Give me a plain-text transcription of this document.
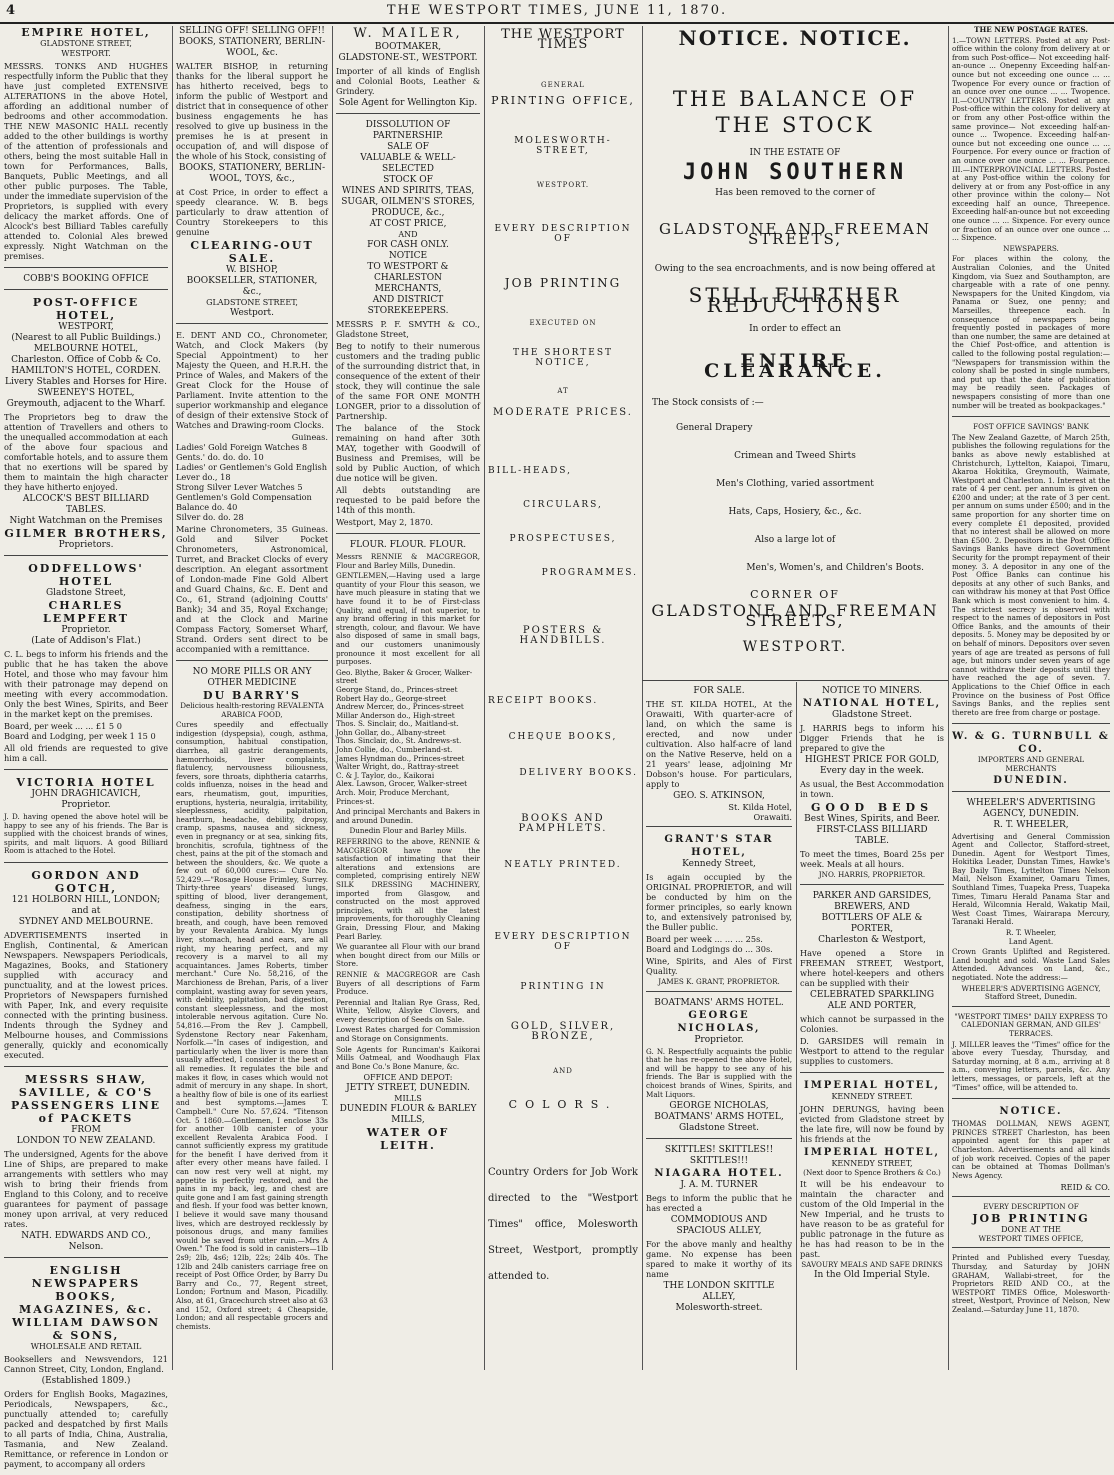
4	THE WESTPORT TIMES, JUNE 11, 1870.
EMPIRE HOTEL,
GLADSTONE STREET,
WESTPORT.
MESSRS. TONKS AND HUGHES respectfully inform the Public that they have just completed EXTENSIVE ALTERATIONS in the above Hotel, affording an additional number of bedrooms and other accommodation. THE NEW MASONIC HALL recently added to the other buildings is worthy of the attention of professionals and others, being the most suitable Hall in town for Performances, Balls, Banquets, Public Meetings, and all other public purposes. The Table, under the immediate supervision of the Proprietors, is supplied with every delicacy the market affords. One of Alcock's best Billiard Tables carefully attended to. Colonial Ales brewed expressly. Night Watchman on the premises.
COBB'S BOOKING OFFICE
POST-OFFICE HOTEL,
WESTPORT,
(Nearest to all Public Buildings.)
MELBOURNE HOTEL,
Charleston. Office of Cobb & Co.
HAMILTON'S HOTEL, CORDEN.
Livery Stables and Horses for Hire.
SWEENEY'S HOTEL,
Greymouth, adjacent to the Wharf.
The Proprietors beg to draw the attention of Travellers and others to the unequalled accommodation at each of the above four spacious and comfortable hotels, and to assure them that no exertions will be spared by them to maintain the high character they have hitherto enjoyed.
ALCOCK'S BEST BILLIARD TABLES.
Night Watchman on the Premises
GILMER BROTHERS,
Proprietors.
ODDFELLOWS' HOTEL
Gladstone Street,
CHARLES LEMPFERT
Proprietor.
(Late of Addison's Flat.)
C. L. begs to inform his friends and the public that he has taken the above Hotel, and those who may favour him with their patronage may depend on meeting with every accommodation. Only the best Wines, Spirits, and Beer in the market kept on the premises.
Board, per week ... ... £1 5 0
Board and Lodging, per week 1 15 0
All old friends are requested to give him a call.
VICTORIA HOTEL
JOHN DRAGHICAVICH,
Proprietor.
J. D. having opened the above hotel will be happy to see any of his friends. The Bar is supplied with the choicest brands of wines, spirits, and malt liquors. A good Billiard Room is attached to the Hotel.
GORDON AND GOTCH,
121 HOLBORN HILL, LONDON;
and at
SYDNEY AND MELBOURNE.
ADVERTISEMENTS inserted in English, Continental, & American Newspapers. Newspapers Periodicals, Magazines, Books, and Stationery supplied with accuracy and punctuality, and at the lowest prices. Proprietors of Newspapers furnished with Paper, Ink, and every requisite connected with the printing business. Indents through the Sydney and Melbourne houses, and Commissions generally, quickly and economically executed.
MESSRS SHAW, SAVILLE, & CO'S PASSENGERS LINE of PACKETS
FROM
LONDON TO NEW ZEALAND.
The undersigned, Agents for the above Line of Ships, are prepared to make arrangements with settlers who may wish to bring their friends from England to this Colony, and to receive guarantees for payment of passage money upon arrival, at very reduced rates.
NATH. EDWARDS AND CO.,
Nelson.
ENGLISH NEWSPAPERS BOOKS, MAGAZINES, &c.
WILLIAM DAWSON & SONS,
WHOLESALE AND RETAIL
Booksellers and Newsvendors, 121 Cannon Street, City, London, England.
(Established 1809.)
Orders for English Books, Magazines, Periodicals, Newspapers, &c., punctually attended to; carefully packed and despatched by first Mails to all parts of India, China, Australia, Tasmania, and New Zealand. Remittance, or reference in London or payment, to accompany all orders
SELLING OFF! SELLING OFF!!
BOOKS, STATIONERY, BERLIN-WOOL, &c.
WALTER BISHOP, in returning thanks for the liberal support he has hitherto received, begs to inform the public of Westport and district that in consequence of other business engagements he has resolved to give up business in the premises he is at present in occupation of, and will dispose of the whole of his Stock, consisting of
BOOKS, STATIONERY, BERLIN-WOOL, TOYS, &c.,
at Cost Price, in order to effect a speedy clearance. W. B. begs particularly to draw attention of Country Storekeepers to this genuine
CLEARING-OUT SALE.
W. BISHOP,
BOOKSELLER, STATIONER, &c.,
GLADSTONE STREET,
Westport.
E. DENT AND CO., Chronometer, Watch, and Clock Makers (by Special Appointment) to her Majesty the Queen, and H.R.H. the Prince of Wales, and Makers of the Great Clock for the House of Parliament. Invite attention to the superior workmanship and elegance of design of their extensive Stock of Watches and Drawing-room Clocks.
Guineas.
Ladies' Gold Foreign Watches 8
Gents.' do. do. do. 10
Ladies' or Gentlemen's Gold English Lever do., 18
Strong Silver Lever Watches 5
Gentlemen's Gold Compensation Balance do. 40
Silver do. do. 28
Marine Chronometers, 35 Guineas. Gold and Silver Pocket Chronometers, Astronomical, Turret, and Bracket Clocks of every description. An elegant assortment of London-made Fine Gold Albert and Guard Chains, &c. E. Dent and Co., 61, Strand (adjoining Coutts' Bank); 34 and 35, Royal Exchange; and at the Clock and Marine Compass Factory, Somerset Wharf, Strand. Orders sent direct to be accompanied with a remittance.
NO MORE PILLS OR ANY OTHER MEDICINE
DU BARRY'S
Delicious health-restoring REVALENTA ARABICA FOOD,
Cures speedily and effectually indigestion (dyspepsia), cough, asthma, consumption, habitual constipation, diarrhea, all gastric derangements, hæmorrhoids, liver complaints, flatulency, nervousness biliousness, fevers, sore throats, diphtheria catarrhs, colds influenza, noises in the head and ears, rheumatism, gout, impurities, eruptions, hysteria, neuralgia, irritability, sleeplessness, acidity, palpitation, heartburn, headache, debility, dropsy, cramp, spasms, nausea and sickness, even in pregnancy or at sea, sinking fits, bronchitis, scrofula, tightness of the chest, pains at the pit of the stomach and between the shoulders, &c. We quote a few out of 60,000 cures:— Cure No. 52,429.—"Rosage House Frimley, Surrey. Thirty-three years' diseased lungs, spitting of blood, liver derangement, deafness, singing in the ears, constipation, debility shortness of breath, and cough, have been removed by your Revalenta Arabica. My lungs liver, stomach, head and ears, are all right, my hearing perfect, and my recovery is a marvel to all my acquaintances. James Roberts, timber merchant." Cure No. 58,216, of the Marchioness de Brehan, Paris, of a liver complaint, wasting away for seven years, with debility, palpitation, bad digestion, constant sleeplessness, and the most intolerable nervous agitation. Cure No. 54,816.—From the Rev J. Campbell, Sydenstone Rectory near Fakenham, Norfolk.—"In cases of indigestion, and particularly when the liver is more than usually affected, I consider it the best of all remedies. It regulates the bile and makes it flow, in cases which would not admit of mercury in any shape. In short, a healthy flow of bile is one of its earliest and best symptoms.—James T. Campbell." Cure No. 57,624. "Titenson Oct. 5 1860.—Gentlemen, I enclose 33s for another 10lb canister of your excellent Revalenta Arabica Food. I cannot sufficiently express my gratitude for the benefit I have derived from it after every other means have failed. I can now rest very well at night, my appetite is perfectly restored, and the pains in my back, leg, and chest are quite gone and I am fast gaining strength and flesh. If your food was better known, I believe it would save many thousand lives, which are destroyed recklessly by poisonous drugs, and many families would be saved from utter ruin.—Mrs A Owen." The food is sold in canisters—1lb 2s9; 2lb, 4s6; 12lb, 22s; 24lb 40s. The 12lb and 24lb canisters carriage free on receipt of Post Office Order, by Barry Du Barry and Co., 77, Regent street, London; Fortnum and Mason, Picadilly. Also, at 61, Gracechurch street also at 63 and 152, Oxford street; 4 Cheapside, London; and all respectable grocers and chemists.
W. MAILER,
BOOTMAKER,
GLADSTONE-ST., WESTPORT.
Importer of all kinds of English and Colonial Boots, Leather & Grindery.
Sole Agent for Wellington Kip.
DISSOLUTION OF PARTNERSHIP.
SALE OF
VALUABLE & WELL-SELECTED
STOCK OF
WINES AND SPIRITS, TEAS,
SUGAR, OILMEN'S STORES,
PRODUCE, &c.,
AT COST PRICE,
AND
FOR CASH ONLY.
NOTICE
TO WESTPORT & CHARLESTON
MERCHANTS,
AND DISTRICT STOREKEEPERS.
MESSRS P. F. SMYTH & CO., Gladstone Street,
Beg to notify to their numerous customers and the trading public of the surrounding district that, in consequence of the extent of their stock, they will continue the sale of the same FOR ONE MONTH LONGER, prior to a dissolution of Partnership.
The balance of the Stock remaining on hand after 30th MAY, together with Goodwill of Business and Premises, will be sold by Public Auction, of which due notice will be given.
All debts outstanding are requested to be paid before the 14th of this month.
Westport, May 2, 1870.
FLOUR. FLOUR. FLOUR.
Messrs RENNIE & MACGREGOR, Flour and Barley Mills, Dunedin.
GENTLEMEN,—Having used a large quantity of your Flour this season, we have much pleasure in stating that we have found it to be of First-class Quality, and equal, if not superior, to any brand offering in this market for strength, colour, and flavour. We have also disposed of same in small bags, and our customers unanimously pronounce it most excellent for all purposes.
Geo. Blythe, Baker & Grocer, Walker-street
George Stand, do., Princes-street
Robert Hay do., George-street
Andrew Mercer, do., Princes-street
Millar Anderson do., High-street
Thos. S. Sinclair, do., Maitland-st.
John Gollar, do., Albany-street
Thos. Sinclair, do., St. Andrews-st.
John Collie, do., Cumberland-st.
James Hyndman do., Princes-street
Walter Wright, do., Rattray-street
C. & J. Taylor, do., Kaikorai
Alex. Lawson, Grocer, Walker-street
Arch. Moir, Produce Merchant, Princes-st.
And principal Merchants and Bakers in and around Dunedin.
Dunedin Flour and Barley Mills.
REFERRING to the above, RENNIE & MACGREGOR have now the satisfaction of intimating that their alterations and extensions are completed, comprising entirely NEW SILK DRESSING MACHINERY, imported from Glasgow, and constructed on the most approved principles, with all the latest improvements, for thoroughly Cleaning Grain, Dressing Flour, and Making Pearl Barley.
We guarantee all Flour with our brand when bought direct from our Mills or Store.
RENNIE & MACGREGOR are Cash Buyers of all descriptions of Farm Produce.
Perennial and Italian Rye Grass, Red, White, Yellow, Alsyke Clovers, and every description of Seeds on Sale.
Lowest Rates charged for Commission and Storage on Consignments.
Sole Agents for Runciman's Kaikorai Mills Oatmeal, and Woodhaugh Flax and Bone Co.'s Bone Manure, &c.
OFFICE AND DEPOT:
JETTY STREET, DUNEDIN.
MILLS
DUNEDIN FLOUR & BARLEY MILLS,
WATER OF LEITH.
THE WESTPORT TIMES
GENERAL
PRINTING OFFICE,
MOLESWORTH-STREET,
WESTPORT.
EVERY DESCRIPTION OF
JOB PRINTING
EXECUTED ON
THE SHORTEST NOTICE,
AT
MODERATE PRICES.
BILL-HEADS,
CIRCULARS,
PROSPECTUSES,
PROGRAMMES.
POSTERS & HANDBILLS.
RECEIPT BOOKS.
CHEQUE BOOKS,
DELIVERY BOOKS.
BOOKS AND PAMPHLETS.
NEATLY PRINTED.
EVERY DESCRIPTION OF
PRINTING IN
GOLD, SILVER, BRONZE,
AND
COLORS.
Country Orders for Job Work directed to the "Westport Times" office, Molesworth Street, Westport, promptly attended to.
NOTICE. NOTICE.
THE BALANCE OF THE STOCK
IN THE ESTATE OF
JOHN SOUTHERN
Has been removed to the corner of
GLADSTONE AND FREEMAN STREETS,
Owing to the sea encroachments, and is now being offered at
STILL FURTHER REDUCTIONS
In order to effect an
ENTIRE CLEARANCE.
The Stock consists of :—
General Drapery
Crimean and Tweed Shirts
Men's Clothing, varied assortment
Hats, Caps, Hosiery, &c., &c.
Also a large lot of
Men's, Women's, and Children's Boots.
CORNER OF
GLADSTONE AND FREEMAN STREETS,
WESTPORT.
FOR SALE.
THE ST. KILDA HOTEL, At the Orawaiti, With quarter-acre of land, on which the same is erected, and now under cultivation. Also half-acre of land on the Native Reserve, held on a 21 years' lease, adjoining Mr Dobson's house. For particulars, apply to
GEO. S. ATKINSON,
St. Kilda Hotel,
Orawaiti.
GRANT'S STAR HOTEL,
Kennedy Street,
Is again occupied by the ORIGINAL PROPRIETOR, and will be conducted by him on the former principles, so early known to, and extensively patronised by, the Buller public.
Board per week ... ... ... 25s.
Board and Lodgings do ... 30s.
Wine, Spirits, and Ales of First Quality.
JAMES K. GRANT, PROPRIETOR.
BOATMANS' ARMS HOTEL.
GEORGE NICHOLAS,
Proprietor.
G. N. Respectfully acquaints the public that he has re-opened the above Hotel, and will be happy to see any of his friends. The Bar is supplied with the choicest brands of Wines, Spirits, and Malt Liquors.
GEORGE NICHOLAS,
BOATMANS' ARMS HOTEL,
Gladstone Street.
SKITTLES! SKITTLES!! SKITTLES!!!
NIAGARA HOTEL.
J. A. M. TURNER
Begs to inform the public that he has erected a
COMMODIOUS AND SPACIOUS ALLEY,
For the above manly and healthy game. No expense has been spared to make it worthy of its name
THE LONDON SKITTLE ALLEY,
Molesworth-street.
NOTICE TO MINERS.
NATIONAL HOTEL,
Gladstone Street.
J. HARRIS begs to inform his Digger Friends that he is prepared to give the
HIGHEST PRICE FOR GOLD,
Every day in the week.
As usual, the Best Accommodation in town.
GOOD BEDS
Best Wines, Spirits, and Beer.
FIRST-CLASS BILLIARD TABLE.
To meet the times, Board 25s per week. Meals at all hours.
JNO. HARRIS, PROPRIETOR.
PARKER AND GARSIDES,
BREWERS, AND
BOTTLERS OF ALE & PORTER,
Charleston & Westport,
Have opened a Store in FREEMAN STREET, Westport, where hotel-keepers and others can be supplied with their
CELEBRATED SPARKLING ALE AND PORTER,
which cannot be surpassed in the Colonies.
D. GARSIDES will remain in Westport to attend to the regular supplies to customers.
IMPERIAL HOTEL,
KENNEDY STREET.
JOHN DERUNGS, having been evicted from Gladstone street by the late fire, will now be found by his friends at the
IMPERIAL HOTEL,
KENNEDY STREET,
(Next door to Spence Brothers & Co.)
It will be his endeavour to maintain the character and custom of the Old Imperial in the New Imperial, and he trusts to have reason to be as grateful for public patronage in the future as he has had reason to be in the past.
SAVOURY MEALS AND SAFE DRINKS
In the Old Imperial Style.
THE NEW POSTAGE RATES.
1.—TOWN LETTERS. Posted at any Post-office within the colony from delivery at or from such Post-office— Not exceeding half-an-ounce ... Onepenny Exceeding half-an-ounce but not exceeding one ounce ... ... Twopence For every ounce or fraction of an ounce over one ounce ... ... Twopence. II.—COUNTRY LETTERS. Posted at any Post-office within the colony for delivery at or from any other Post-office within the same province— Not exceeding half-an-ounce ... Twopence. Exceeding half-an-ounce but not exceeding one ounce ... ... Fourpence. For every ounce or fraction of an ounce over one ounce ... ... Fourpence. III.—INTERPROVINCIAL LETTERS. Posted at any Post-office within the colony for delivery at or from any Post-office in any other province within the colony— Not exceeding half an ounce, Threepence. Exceeding half-an-ounce but not exceeding one ounce ... ... Sixpence. For every ounce or fraction of an ounce over one ounce ... ... Sixpence.
NEWSPAPERS.
For places within the colony, the Australian Colonies, and the United Kingdom, via Suez and Southampton, are chargeable with a rate of one penny. Newspapers for the United Kingdom, via Panama or Suez, one penny; and Marseilles, threepence each. In consequence of newspapers being frequently posted in packages of more than one number, the same are detained at the Chief Post-office, and attention is called to the following postal regulation:— "Newspapers for transmission within the colony shall be posted in single numbers, and put up that the date of publication may be readily seen. Packages of newspapers consisting of more than one number will be treated as bookpackages."
FOST OFFICE SAVINGS' BANK
The New Zealand Gazette, of March 25th, publishes the following regulations for the banks as above newly established at Christchurch, Lyttelton, Kaiapoi, Timaru, Akaroa Hokitika, Greymouth, Waimate, Westport and Charleston. 1. Interest at the rate of 4 per cent. per annum is given on £200 and under; at the rate of 3 per cent. per annum on sums under £500; and in the same proportion for any shorter time on every complete £1 deposited, provided that no interest shall be allowed on more than £500. 2. Depositors in the Post Office Savings Banks have direct Government Security for the prompt repayment of their money. 3. A depositor in any one of the Post Office Banks can continue his deposits at any other of such Banks, and can withdraw his money at that Post Office Bank which is most convenient to him. 4. The strictest secrecy is observed with respect to the names of depositors in Post Office Banks, and the amounts of their deposits. 5. Money may be deposited by or on behalf of minors. Depositors over seven years of age are treated as persons of full age, but minors under seven years of age cannot withdraw their deposits until they have reached the age of seven. 7. Applications to the Chief Office in each Province on the business of Post Office Savings Banks, and the replies sent thereto are free from charge or postage.
W. & G. TURNBULL & CO.
IMPORTERS AND GENERAL MERCHANTS
DUNEDIN.
WHEELER'S ADVERTISING AGENCY, DUNEDIN.
R. T. WHEELER,
Advertising and General Commission Agent and Collector, Stafford-street, Dunedin. Agent for Westport Times, Hokitika Leader, Dunstan Times, Hawke's Bay Daily Times, Lyttelton Times Nelson Mail, Nelson Examiner, Oamaru Times, Southland Times, Tuapeka Press, Tuapeka Times, Timaru Herald Panama Star and Herald, Wilcomnia Herald, Wakatip Mail, West Coast Times, Wairarapa Mercury, Taranaki Herald.
R. T. Wheeler,
Land Agent.
Crown Grants Uplifted and Registered. Land bought and sold. Waste Land Sales Attended. Advances on Land, &c., negotiated. Note the address:—
WHEELER'S ADVERTISING AGENCY,
Stafford Street, Dunedin.
"WESTPORT TIMES" DAILY EXPRESS TO CALEDONIAN GERMAN, AND GILES' TERRACES.
J. MILLER leaves the "Times" office for the above every Tuesday, Thursday, and Saturday morning, at 8 a.m., arriving at 8 a.m., conveying letters, parcels, &c. Any letters, messages, or parcels, left at the "Times" office, will be attended to.
NOTICE.
THOMAS DOLLMAN, NEWS AGENT, PRINCES STREET Charleston, has been appointed agent for this paper at Charleston. Advertisements and all kinds of job work received. Copies of the paper can be obtained at Thomas Dollman's News Agency.
REID & CO.
EVERY DESCRIPTION OF
JOB PRINTING
DONE AT THE
WESTPORT TIMES OFFICE,
Printed and Published every Tuesday, Thursday, and Saturday by JOHN GRAHAM, Wallabi-street, for the Proprietors REID AND CO., at the WESTPORT TIMES Office, Molesworth-street, Westport, Province of Nelson, New Zealand.—Saturday June 11, 1870.
